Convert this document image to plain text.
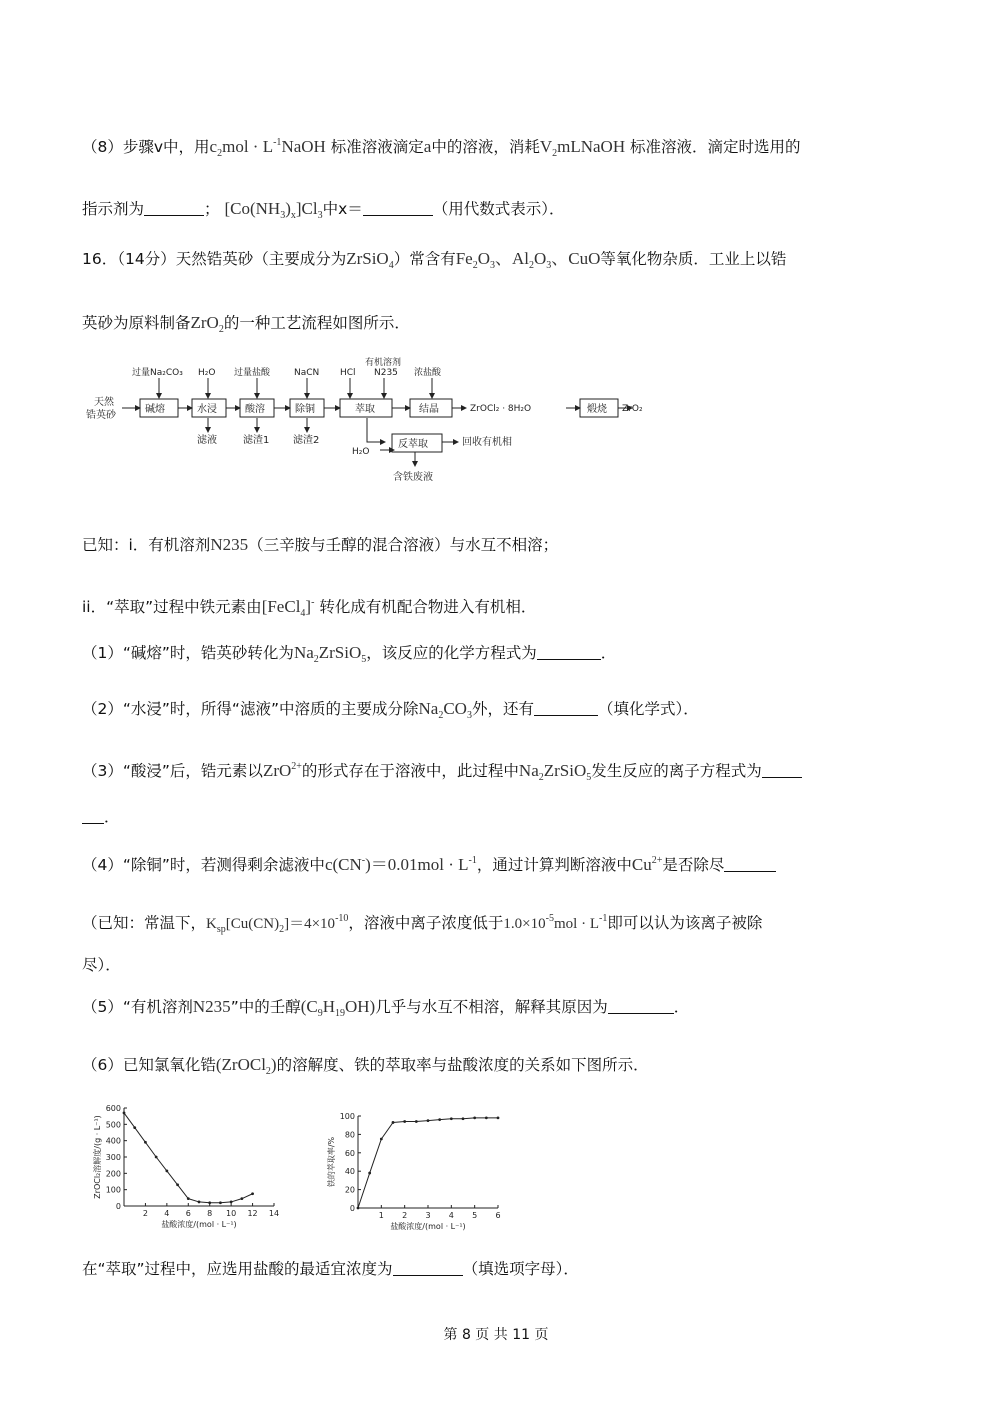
（8）步骤v中，用$c_2mol$ · $L^{-1}NaOH$ 标准溶液滴定a中的溶液，消耗$V_2mLNaOH$ 标准溶液．滴定时选用的
指示剂为	； $[Co(NH_3)_x]Cl_3$中x＝	（用代数式表示）．
16．（14分）天然锆英砂（主要成分为ZrSiO$_4$）常含有$Fe_2O_3$、$Al_2O_3$、CuO等氧化物杂质．工业上以锆
英砂为原料制备ZrO$_2$的一种工艺流程如图所示．
天然
锆英砂
碱熔	水浸	酸溶	除铜	萃取	结晶	煅烧
反萃取
过量Na₂CO₃ H₂O 过量盐酸	NaCN HCl
有机溶剂
N235 浓盐酸
滤液	滤渣1 滤渣2
含铁废液
回收有机相
H₂O
ZrOCl₂ · 8H₂O	ZrO₂
已知：i．有机溶剂N235（三辛胺与壬醇的混合溶液）与水互不相溶；
ii．“萃取”过程中铁元素由[FeCl$_4$]- 转化成有机配合物进入有机相．
（1）“碱熔”时，锆英砂转化为$Na_2ZrSiO_5$，该反应的化学方程式为	．
（2）“水浸”时，所得“滤液”中溶质的主要成分除$Na_2CO_3$外，还有	（填化学式）．
（3）“酸浸”后，锆元素以ZrO$^{2+}$的形式存在于溶液中，此过程中$Na_2ZrSiO_5$发生反应的离子方程式为
．
（4）“除铜”时，若测得剩余滤液中$c(CN^-)=0.01mol \cdot L^{-1}$，通过计算判断溶液中$Cu^{2+}$是否除尽
（已知：常温下，$K_{sp}[Cu(CN)_2]=4\times 10^{-10}$，溶液中离子浓度低于$1.0\times 10^{-5}mol \cdot L^{-1}$即可以认为该离子被除
尽）．
（5）“有机溶剂N235”中的壬醇$(C_9H_{19}OH)$几乎与水互不相溶，解释其原因为	．
（6）已知氯氧化锆(ZrOCl$_2$)的溶解度、铁的萃取率与盐酸浓度的关系如下图所示．
0
100
200
300
400
500
600
2 4 6 8 10 12 14
盐酸浓度/(mol · L⁻¹)
ZrOCl₂溶解度/(g · L⁻¹)
0
20
40
60
80
100
1 2 3 4 5 6
盐酸浓度/(mol · L⁻¹)
铁的萃取率/%
在“萃取”过程中，应选用盐酸的最适宜浓度为	（填选项字母）．
第 8 页 共 11 页
